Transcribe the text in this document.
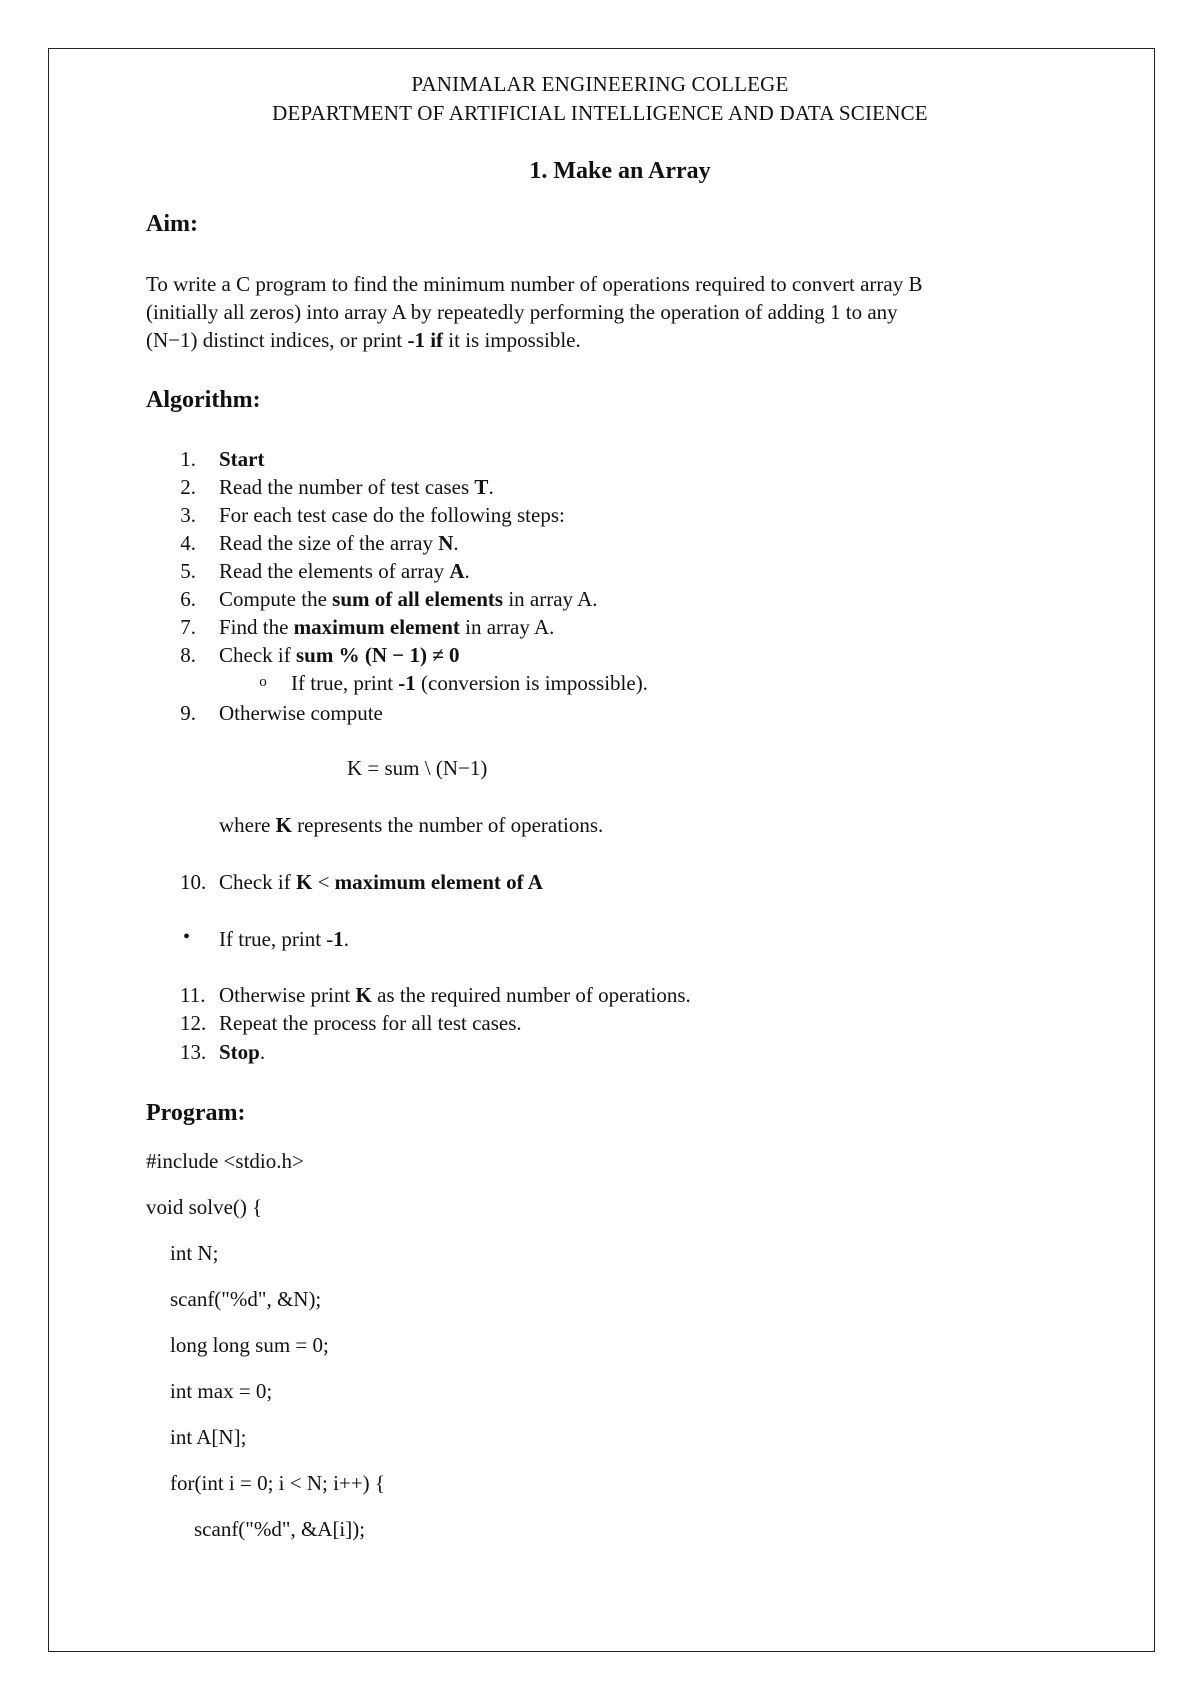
PANIMALAR ENGINEERING COLLEGE
DEPARTMENT OF ARTIFICIAL INTELLIGENCE AND DATA SCIENCE
1. Make an Array
Aim:

To write a C program to find the minimum number of operations required to convert array B

(initially all zeros) into array A by repeatedly performing the operation of adding 1 to any

(N−1) distinct indices, or print -1 if it is impossible.

Algorithm:
1. Start
2. Read the number of test cases T.
3. For each test case do the following steps:
4. Read the size of the array N.
5. Read the elements of array A.
6. Compute the sum of all elements in array A.
7. Find the maximum element in array A.
8. Check if sum % (N − 1) ≠ 0
o If true, print -1 (conversion is impossible).
9. Otherwise compute
K = sum \ (N−1)
where K represents the number of operations.
10. Check if K < maximum element of A
• If true, print -1.
11. Otherwise print K as the required number of operations.
12. Repeat the process for all test cases.
13. Stop.
Program:
#include <stdio.h>
void solve() {
int N;
scanf("%d", &N);
long long sum = 0;
int max = 0;
int A[N];
for(int i = 0; i < N; i++) {
scanf("%d", &A[i]);
